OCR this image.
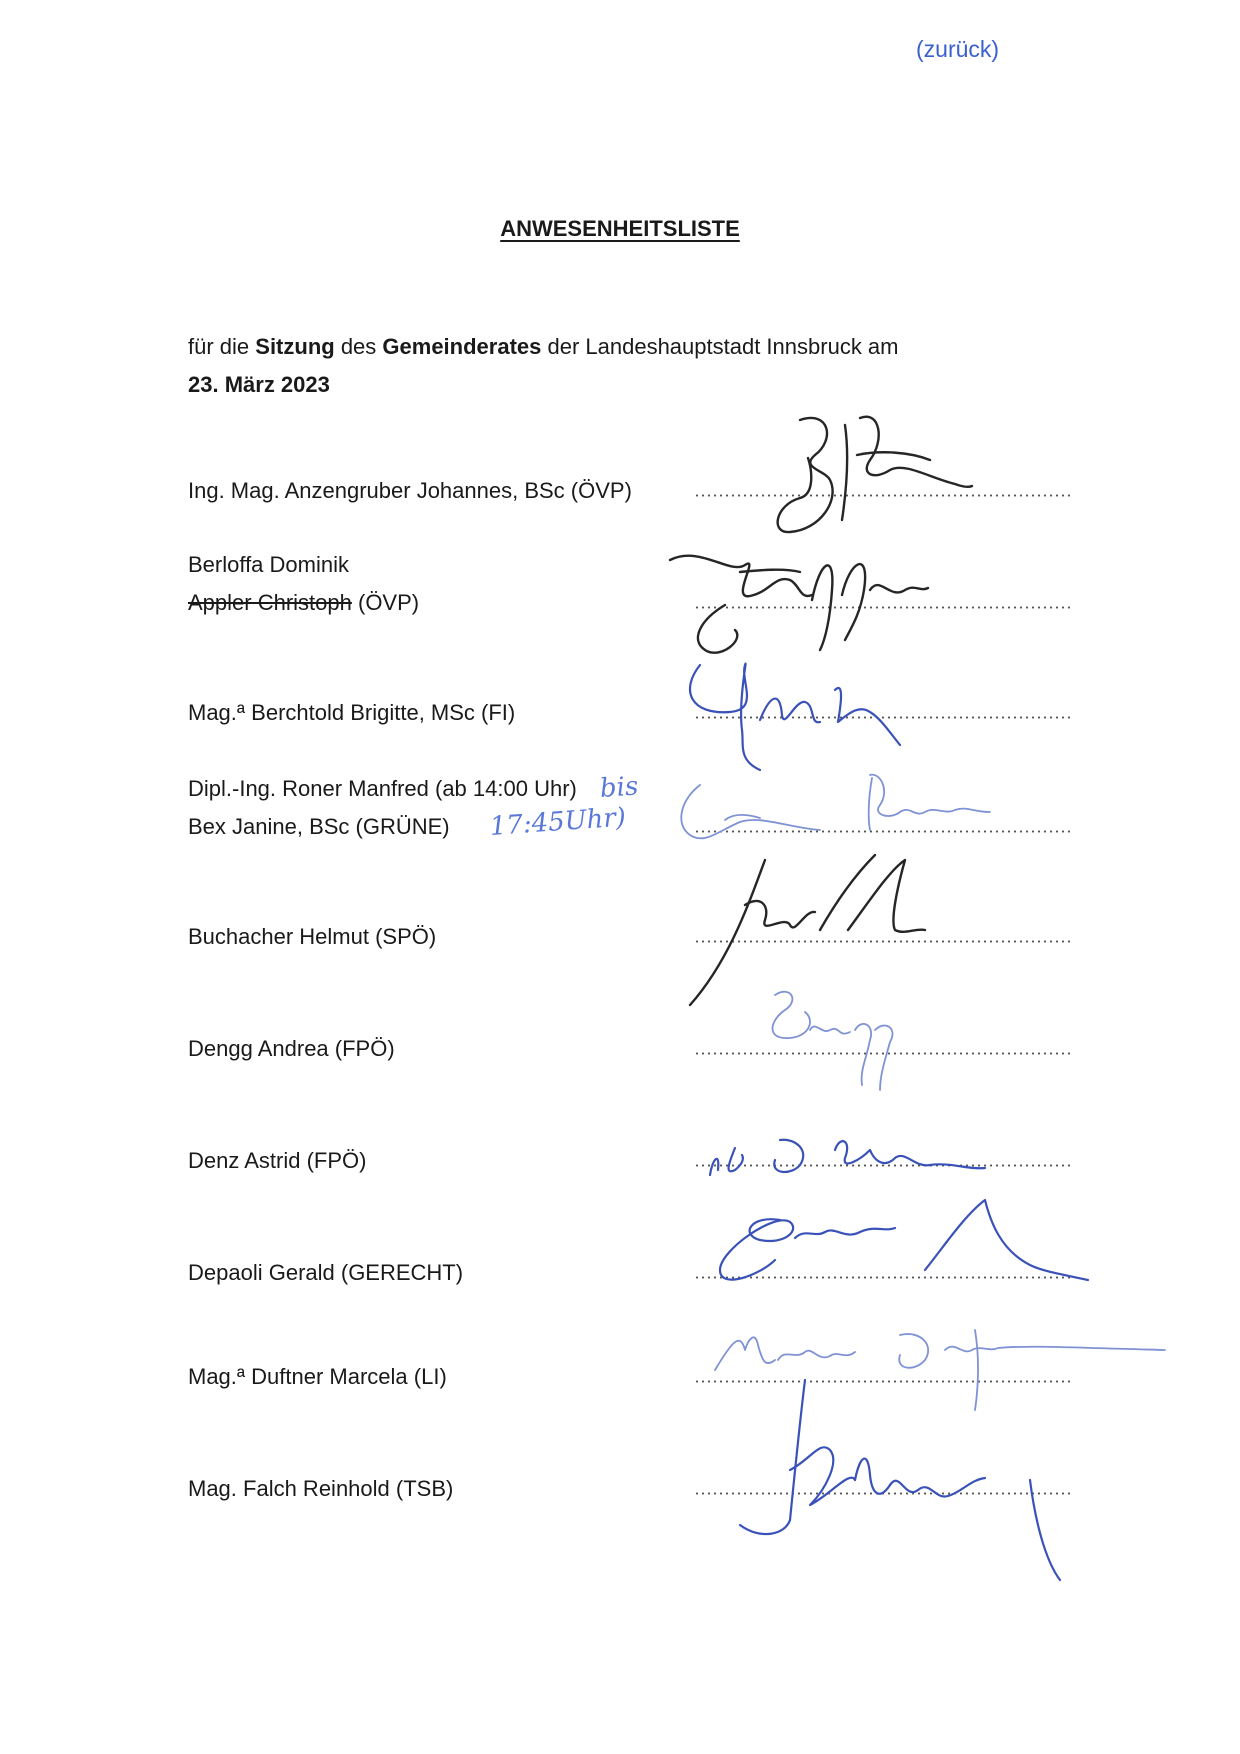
(zurück)
ANWESENHEITSLISTE
für die Sitzung des Gemeinderates der Landeshauptstadt Innsbruck am
23. März 2023
Ing. Mag. Anzengruber Johannes, BSc (ÖVP)
Berloffa Dominik
Appler Christoph (ÖVP)
Mag.ª Berchtold Brigitte, MSc (FI)
Dipl.-Ing. Roner Manfred (ab 14:00 Uhr)
Bex Janine, BSc (GRÜNE)
bis
17:45Uhr)
Buchacher Helmut (SPÖ)
Dengg Andrea (FPÖ)
Denz Astrid (FPÖ)
Depaoli Gerald (GERECHT)
Mag.ª Duftner Marcela (LI)
Mag. Falch Reinhold (TSB)
